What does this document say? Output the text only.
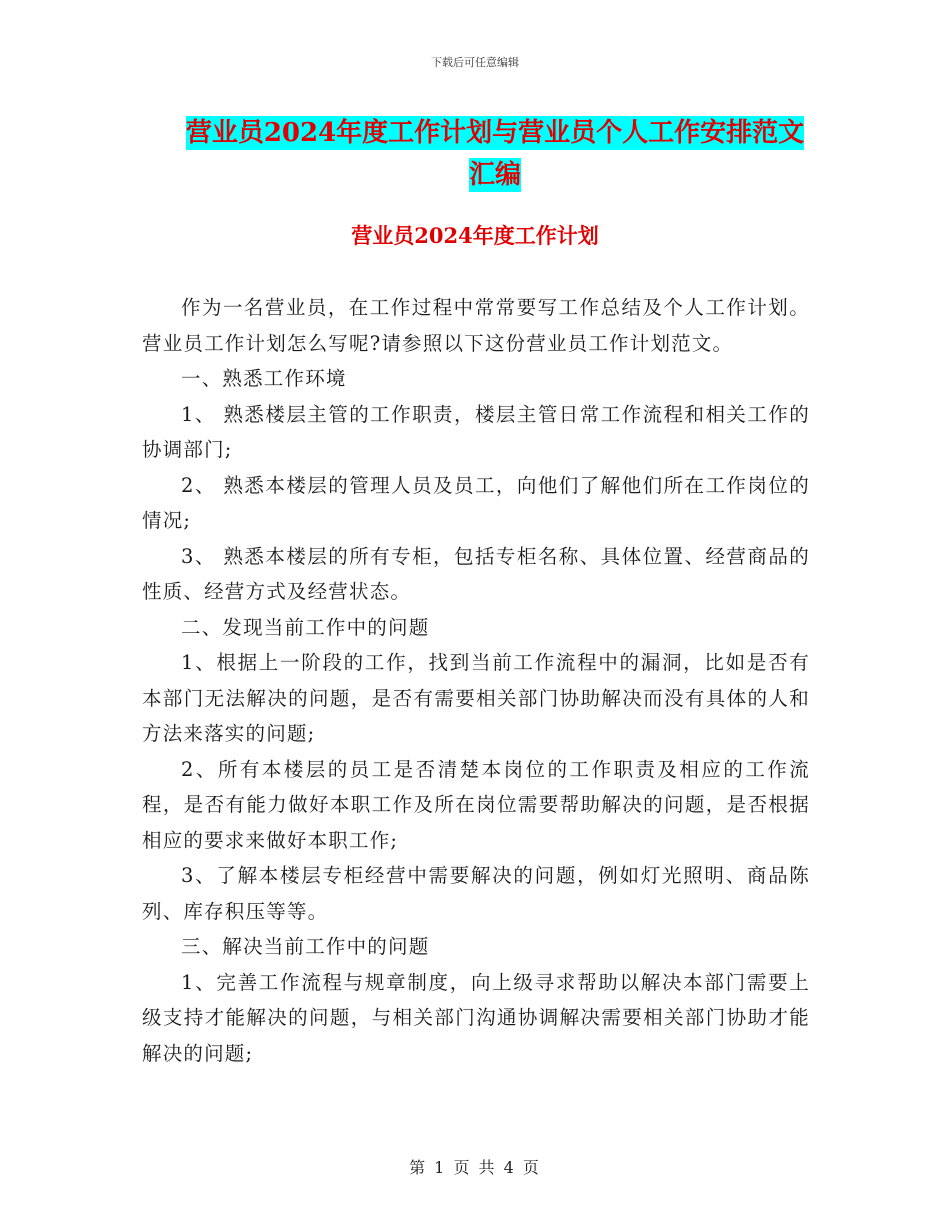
下载后可任意编辑
营业员2024年度工作计划与营业员个人工作安排范文
汇编
营业员2024年度工作计划

作为一名营业员，在工作过程中常常要写工作总结及个人工作计划。营业员工作计划怎么写呢?请参照以下这份营业员工作计划范文。

一、熟悉工作环境

1、 熟悉楼层主管的工作职责，楼层主管日常工作流程和相关工作的协调部门;

2、 熟悉本楼层的管理人员及员工，向他们了解他们所在工作岗位的情况;

3、 熟悉本楼层的所有专柜，包括专柜名称、具体位置、经营商品的性质、经营方式及经营状态。

二、发现当前工作中的问题

1、根据上一阶段的工作，找到当前工作流程中的漏洞，比如是否有本部门无法解决的问题，是否有需要相关部门协助解决而没有具体的人和方法来落实的问题;

2、所有本楼层的员工是否清楚本岗位的工作职责及相应的工作流程，是否有能力做好本职工作及所在岗位需要帮助解决的问题，是否根据相应的要求来做好本职工作;

3、了解本楼层专柜经营中需要解决的问题，例如灯光照明、商品陈列、库存积压等等。

三、解决当前工作中的问题

1、完善工作流程与规章制度，向上级寻求帮助以解决本部门需要上级支持才能解决的问题，与相关部门沟通协调解决需要相关部门协助才能解决的问题;

第 1 页 共 4 页
